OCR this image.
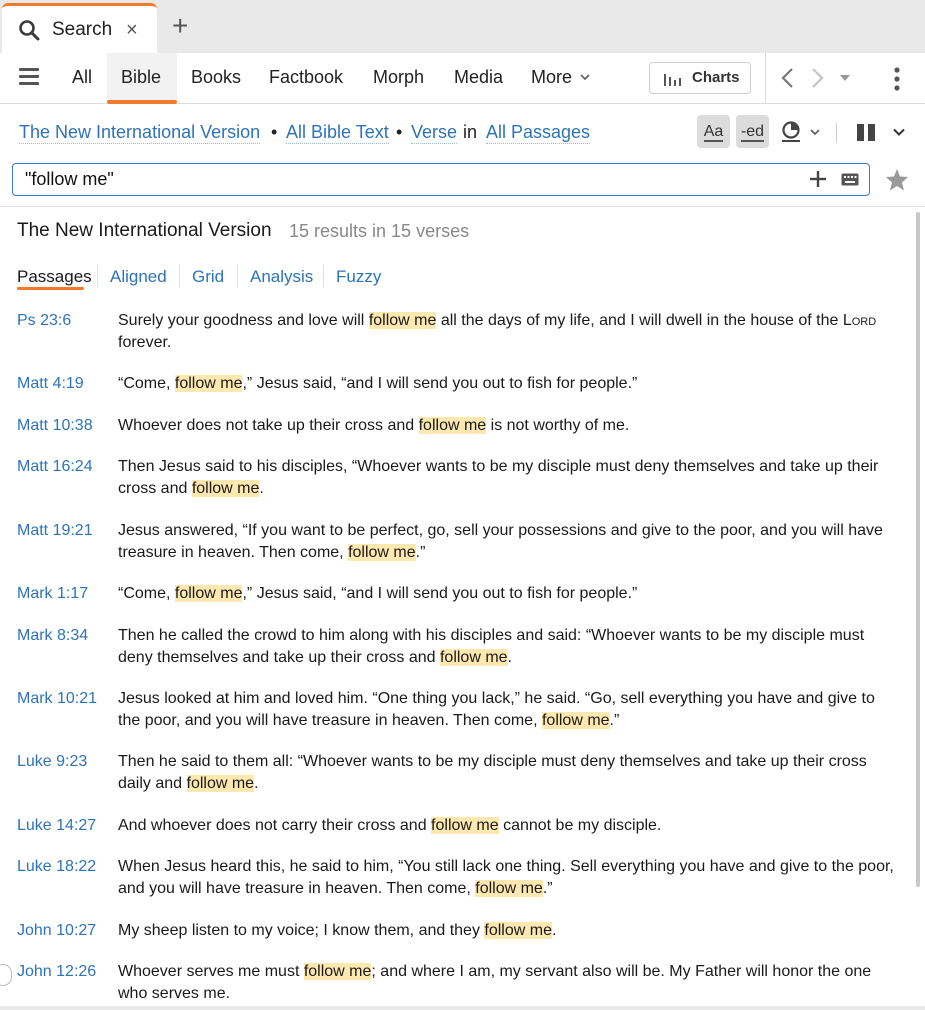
Search × +
All Bible Books Factbook Morph Media More	Charts
The New International Version • All Bible Text • Verse in All Passages	Aa	-ed
"follow me"
The New International Version 15 results in 15 verses
Passages Aligned Grid Analysis Fuzzy
Ps 23:6	Surely your goodness and love will follow me all the days of my life, and I will dwell in the house of the Lord forever.
Matt 4:19 “Come, follow me,” Jesus said, “and I will send you out to fish for people.”
Matt 10:38 Whoever does not take up their cross and follow me is not worthy of me.
Matt 16:24 Then Jesus said to his disciples, “Whoever wants to be my disciple must deny themselves and take up their cross and follow me.
Matt 19:21 Jesus answered, “If you want to be perfect, go, sell your possessions and give to the poor, and you will have treasure in heaven. Then come, follow me.”
Mark 1:17 “Come, follow me,” Jesus said, “and I will send you out to fish for people.”
Mark 8:34 Then he called the crowd to him along with his disciples and said: “Whoever wants to be my disciple must deny themselves and take up their cross and follow me.
Mark 10:21 Jesus looked at him and loved him. “One thing you lack,” he said. “Go, sell everything you have and give to the poor, and you will have treasure in heaven. Then come, follow me.”
Luke 9:23 Then he said to them all: “Whoever wants to be my disciple must deny themselves and take up their cross daily and follow me.
Luke 14:27 And whoever does not carry their cross and follow me cannot be my disciple.
Luke 18:22 When Jesus heard this, he said to him, “You still lack one thing. Sell everything you have and give to the poor, and you will have treasure in heaven. Then come, follow me.”
John 10:27 My sheep listen to my voice; I know them, and they follow me.
John 12:26 Whoever serves me must follow me; and where I am, my servant also will be. My Father will honor the one who serves me.
